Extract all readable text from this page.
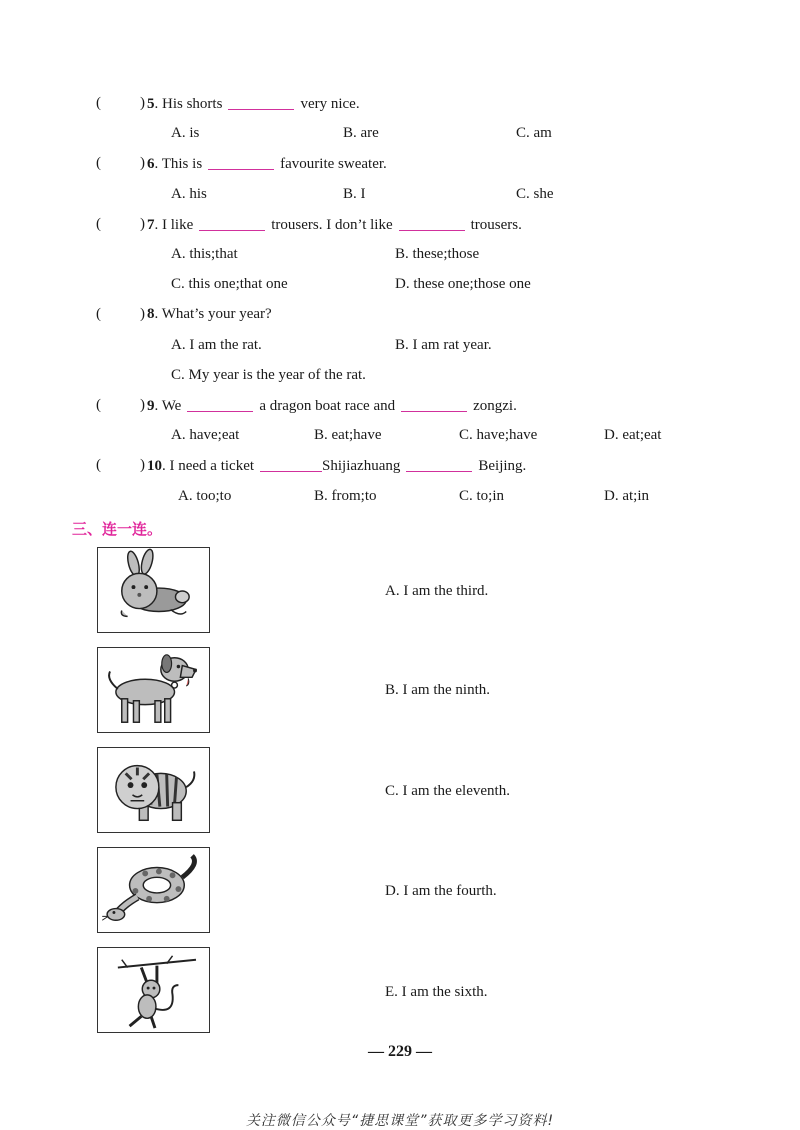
(	) 5. His shorts	very nice.
A. is	B. are	C. am
(	) 6. This is	favourite sweater.
A. his	B. I	C. she
(	) 7. I like	trousers. I don’t like	trousers.
A. this;that	B. these;those
C. this one;that one	D. these one;those one
(	) 8. What’s your year?
A. I am the rat.	B. I am rat year.
C. My year is the year of the rat.
(	) 9. We	a dragon boat race and	zongzi.
A. have;eat	B. eat;have	C. have;have	D. eat;eat
(	) 10. I need a ticket	Shijiazhuang	Beijing.
A. too;to	B. from;to	C. to;in	D. at;in
三、连一连。
A. I am the third.
B. I am the ninth.
C. I am the eleventh.
D. I am the fourth.
E. I am the sixth.
— 229 —
关注微信公众号“捷思课堂”获取更多学习资料!
